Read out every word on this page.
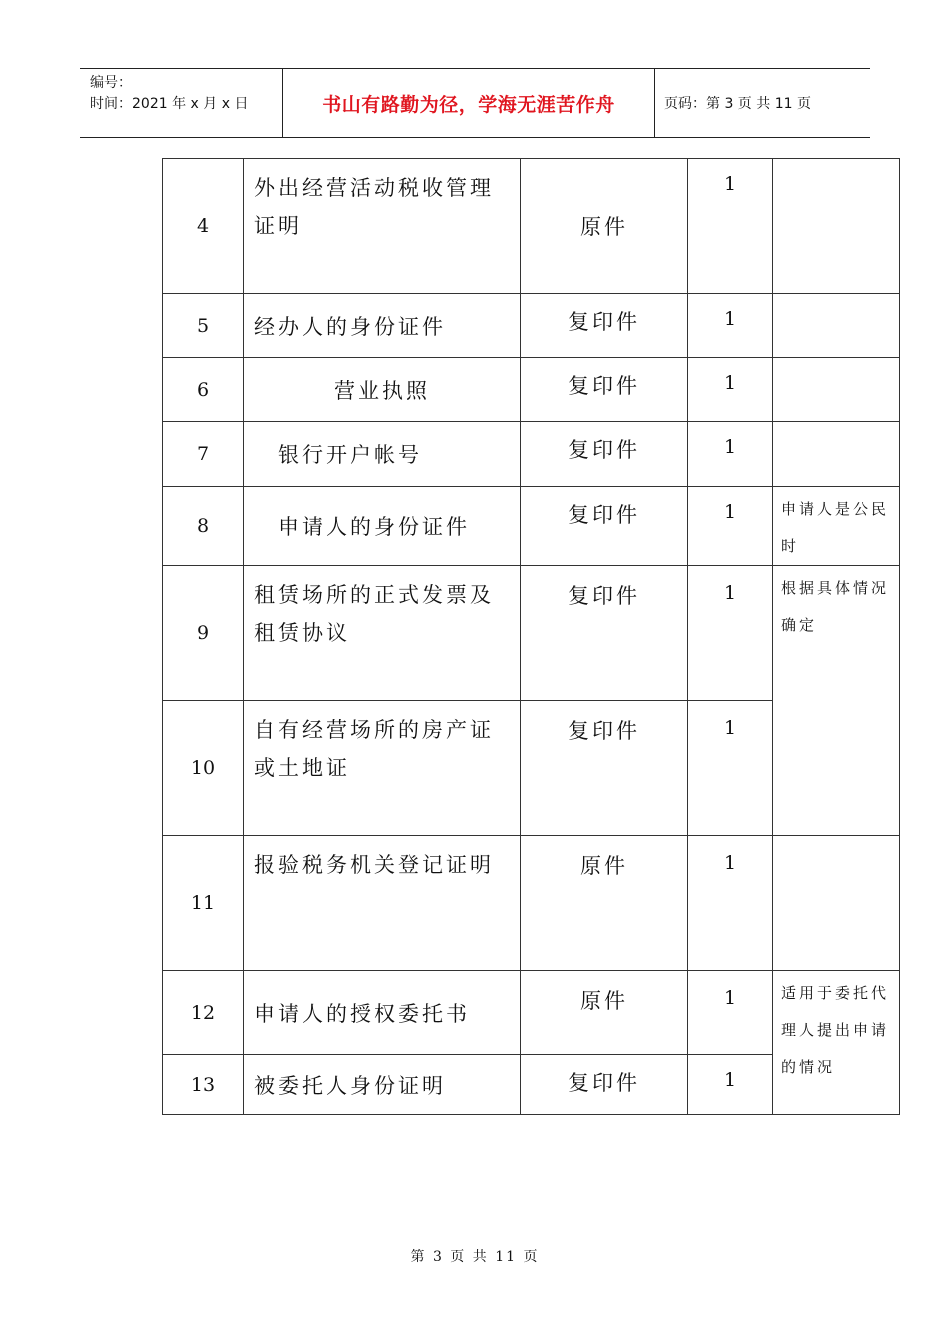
编号：
时间：2021 年 x 月 x 日	书山有路勤为径，学海无涯苦作舟	页码：第 3 页 共 11 页
4	外出经营活动税收管理证明	原件	1	
5	经办人的身份证件	复印件	1	
6	营业执照	复印件	1	
7	银行开户帐号	复印件	1	
8	申请人的身份证件	复印件	1	申请人是公民时
9	租赁场所的正式发票及租赁协议	复印件	1	根据具体情况确定
10	自有经营场所的房产证或土地证	复印件	1	
11	报验税务机关登记证明	原件	1	
12	申请人的授权委托书	原件	1	适用于委托代理人提出申请的情况
13	被委托人身份证明	复印件	1	
第 3 页 共 11 页
